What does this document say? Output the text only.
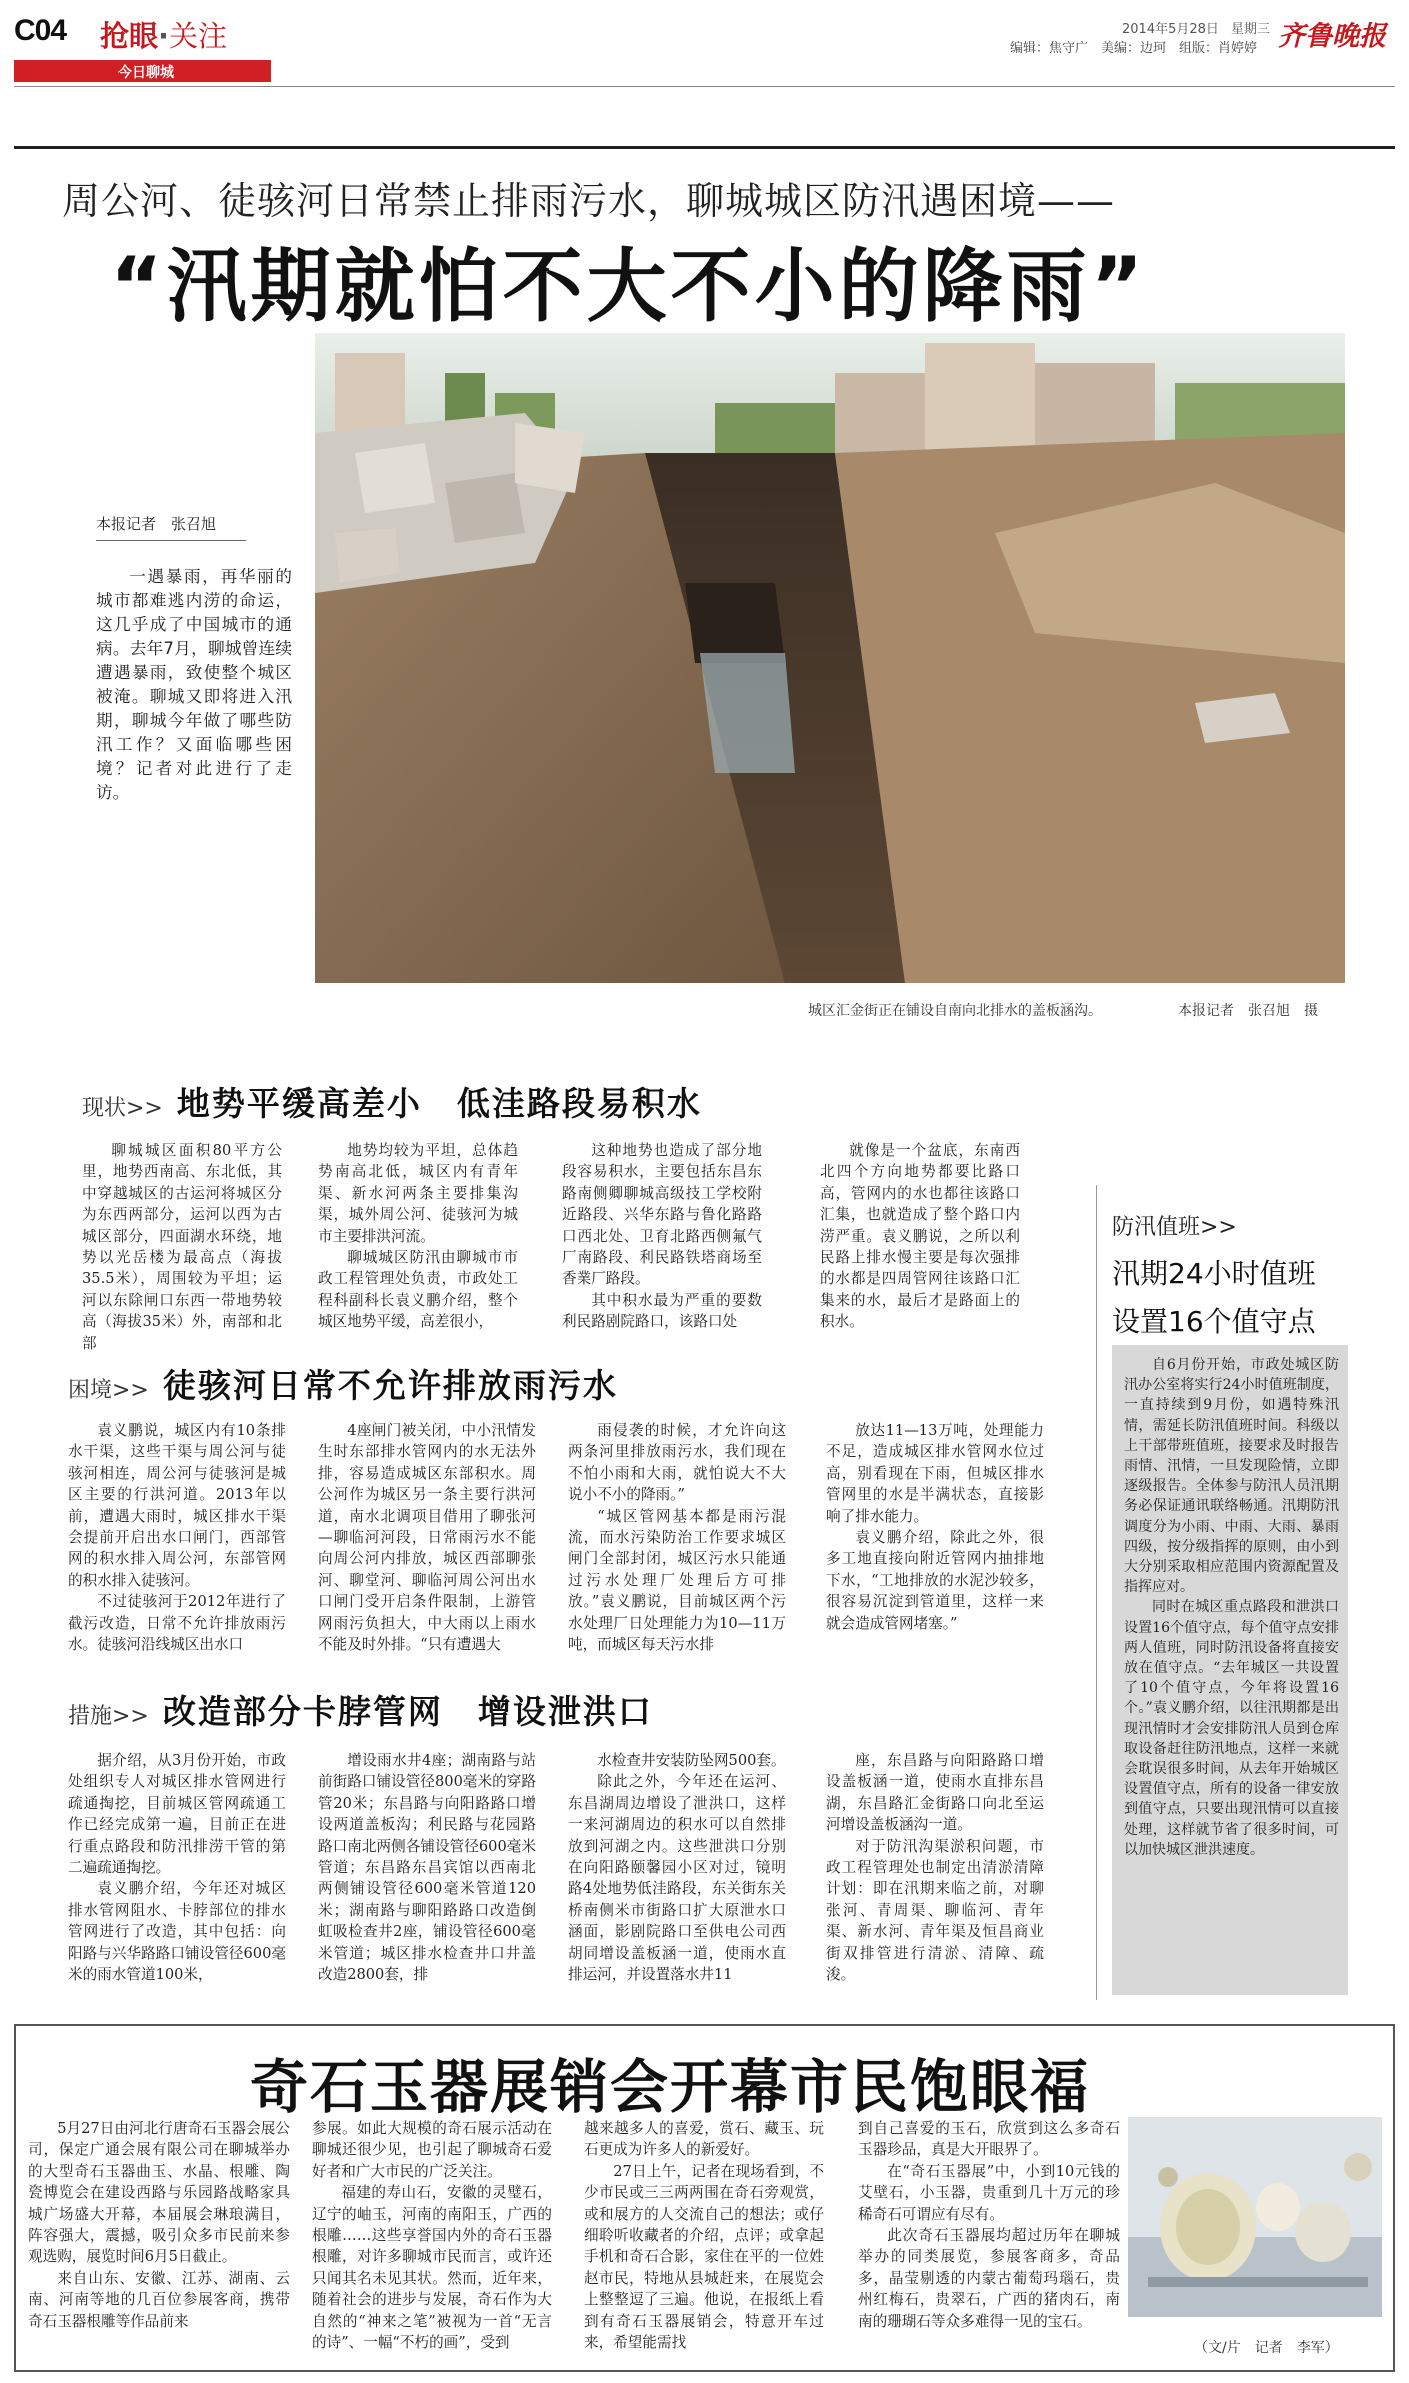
C04 抢眼·关注
今日聊城
2014年5月28日 星期三
编辑：焦守广　美编：边珂　组版：肖婷婷 齐鲁晚报
周公河、徒骇河日常禁止排雨污水，聊城城区防汛遇困境——
“汛期就怕不大不小的降雨”
本报记者　张召旭

一遇暴雨，再华丽的城市都难逃内涝的命运，这几乎成了中国城市的通病。去年7月，聊城曾连续遭遇暴雨，致使整个城区被淹。聊城又即将进入汛期，聊城今年做了哪些防汛工作？又面临哪些困境？记者对此进行了走访。

城区汇金街正在铺设自南向北排水的盖板涵沟。	本报记者　张召旭　摄
现状>> 地势平缓高差小　低洼路段易积水

聊城城区面积80平方公里，地势西南高、东北低，其中穿越城区的古运河将城区分为东西两部分，运河以西为古城区部分，四面湖水环绕，地势以光岳楼为最高点（海拔35.5米），周围较为平坦；运河以东除闸口东西一带地势较高（海拔35米）外，南部和北部

地势均较为平坦，总体趋势南高北低，城区内有青年渠、新水河两条主要排集沟渠，城外周公河、徒骇河为城市主要排洪河流。

聊城城区防汛由聊城市市政工程管理处负责，市政处工程科副科长袁义鹏介绍，整个城区地势平缓，高差很小，

这种地势也造成了部分地段容易积水，主要包括东昌东路南侧卿聊城高级技工学校附近路段、兴华东路与鲁化路路口西北处、卫育北路西侧氟气厂南路段、利民路铁塔商场至香業厂路段。

其中积水最为严重的要数利民路剧院路口，该路口处

就像是一个盆底，东南西北四个方向地势都要比路口高，管网内的水也都往该路口汇集，也就造成了整个路口内涝严重。袁义鹏说，之所以利民路上排水慢主要是每次强排的水都是四周管网往该路口汇集来的水，最后才是路面上的积水。

困境>> 徒骇河日常不允许排放雨污水

袁义鹏说，城区内有10条排水干渠，这些干渠与周公河与徒骇河相连，周公河与徒骇河是城区主要的行洪河道。2013年以前，遭遇大雨时，城区排水干渠会提前开启出水口闸门，西部管网的积水排入周公河，东部管网的积水排入徒骇河。

不过徒骇河于2012年进行了截污改造，日常不允许排放雨污水。徒骇河沿线城区出水口

4座闸门被关闭，中小汛情发生时东部排水管网内的水无法外排，容易造成城区东部积水。周公河作为城区另一条主要行洪河道，南水北调项目借用了聊张河—聊临河河段，日常雨污水不能向周公河内排放，城区西部聊张河、聊堂河、聊临河周公河出水口闸门受开启条件限制，上游管网雨污负担大，中大雨以上雨水不能及时外排。“只有遭遇大

雨侵袭的时候，才允许向这两条河里排放雨污水，我们现在不怕小雨和大雨，就怕说大不大说小不小的降雨。”

“城区管网基本都是雨污混流，而水污染防治工作要求城区闸门全部封闭，城区污水只能通过污水处理厂处理后方可排放。”袁义鹏说，目前城区两个污水处理厂日处理能力为10—11万吨，而城区每天污水排

放达11—13万吨，处理能力不足，造成城区排水管网水位过高，别看现在下雨，但城区排水管网里的水是半满状态，直接影响了排水能力。

袁义鹏介绍，除此之外，很多工地直接向附近管网内抽排地下水，“工地排放的水泥沙较多，很容易沉淀到管道里，这样一来就会造成管网堵塞。”

措施>> 改造部分卡脖管网　增设泄洪口

据介绍，从3月份开始，市政处组织专人对城区排水管网进行疏通掏挖，目前城区管网疏通工作已经完成第一遍，目前正在进行重点路段和防汛排涝干管的第二遍疏通掏挖。

袁义鹏介绍，今年还对城区排水管网阻水、卡脖部位的排水管网进行了改造，其中包括：向阳路与兴华路路口铺设管径600毫米的雨水管道100米，

增设雨水井4座；湖南路与站前街路口铺设管径800毫米的穿路管20米；东昌路与向阳路路口增设两道盖板沟；利民路与花园路路口南北两侧各铺设管径600毫米管道；东昌路东昌宾馆以西南北两侧铺设管径600毫米管道120米；湖南路与聊阳路路口改造倒虹吸检查井2座，铺设管径600毫米管道；城区排水检查井口井盖改造2800套，排

水检查井安装防坠网500套。

除此之外，今年还在运河、东昌湖周边增设了泄洪口，这样一来河湖周边的积水可以自然排放到河湖之内。这些泄洪口分别在向阳路颐馨园小区对过，镜明路4处地势低洼路段，东关街东关桥南侧米市街路口扩大原泄水口涵面，影剧院路口至供电公司西胡同增设盖板涵一道，使雨水直排运河，并设置落水井11

座，东昌路与向阳路路口增设盖板涵一道，使雨水直排东昌湖，东昌路汇金街路口向北至运河增设盖板涵沟一道。

对于防汛沟渠淤积问题，市政工程管理处也制定出清淤清障计划：即在汛期来临之前，对聊张河、青周渠、聊临河、青年渠、新水河、青年渠及恒昌商业街双排管进行清淤、清障、疏浚。

防汛值班>>
汛期24小时值班
设置16个值守点

自6月份开始，市政处城区防汛办公室将实行24小时值班制度，一直持续到9月份，如遇特殊汛情，需延长防汛值班时间。科级以上干部带班值班，接要求及时报告雨情、汛情，一旦发现险情，立即逐级报告。全体参与防汛人员汛期务必保证通讯联络畅通。汛期防汛调度分为小雨、中雨、大雨、暴雨四级，按分级指挥的原则，由小到大分别采取相应范围内资源配置及指挥应对。

同时在城区重点路段和泄洪口设置16个值守点，每个值守点安排两人值班，同时防汛设备将直接安放在值守点。“去年城区一共设置了10个值守点，今年将设置16个。”袁义鹏介绍，以往汛期都是出现汛情时才会安排防汛人员到仓库取设备赶往防汛地点，这样一来就会耽误很多时间，从去年开始城区设置值守点，所有的设备一律安放到值守点，只要出现汛情可以直接处理，这样就节省了很多时间，可以加快城区泄洪速度。

奇石玉器展销会开幕市民饱眼福

5月27日由河北行唐奇石玉器会展公司，保定广通会展有限公司在聊城举办的大型奇石玉器曲玉、水晶、根雕、陶瓷博览会在建设西路与乐园路战略家具城广场盛大开幕，本届展会琳琅满目，阵容强大，震撼，吸引众多市民前来参观选购，展览时间6月5日截止。

来自山东、安徽、江苏、湖南、云南、河南等地的几百位参展客商，携带奇石玉器根雕等作品前来

参展。如此大规模的奇石展示活动在聊城还很少见，也引起了聊城奇石爱好者和广大市民的广泛关注。

福建的寿山石，安徽的灵璧石，辽宁的岫玉，河南的南阳玉，广西的根雕……这些享誉国内外的奇石玉器根雕，对许多聊城市民而言，或许还只闻其名未见其状。然而，近年来，随着社会的进步与发展，奇石作为大自然的“神来之笔”被视为一首“无言的诗”、一幅“不朽的画”，受到

越来越多人的喜爱，赏石、藏玉、玩石更成为许多人的新爱好。

27日上午，记者在现场看到，不少市民或三三两两围在奇石旁观赏，或和展方的人交流自己的想法；或仔细聆听收藏者的介绍，点评；或拿起手机和奇石合影，家住在平的一位姓赵市民，特地从县城赶来，在展览会上整整逗了三遍。他说，在报纸上看到有奇石玉器展销会，特意开车过来，希望能需找

到自己喜爱的玉石，欣赏到这么多奇石玉器珍品，真是大开眼界了。

在“奇石玉器展”中，小到10元钱的艾壁石，小玉器，贵重到几十万元的珍稀奇石可谓应有尽有。

此次奇石玉器展均超过历年在聊城举办的同类展览，参展客商多，奇品多，晶莹剔透的内蒙古葡萄玛瑙石，贵州红梅石，贵翠石，广西的猪肉石，南南的珊瑚石等众多难得一见的宝石。

（文/片　记者　李军）
